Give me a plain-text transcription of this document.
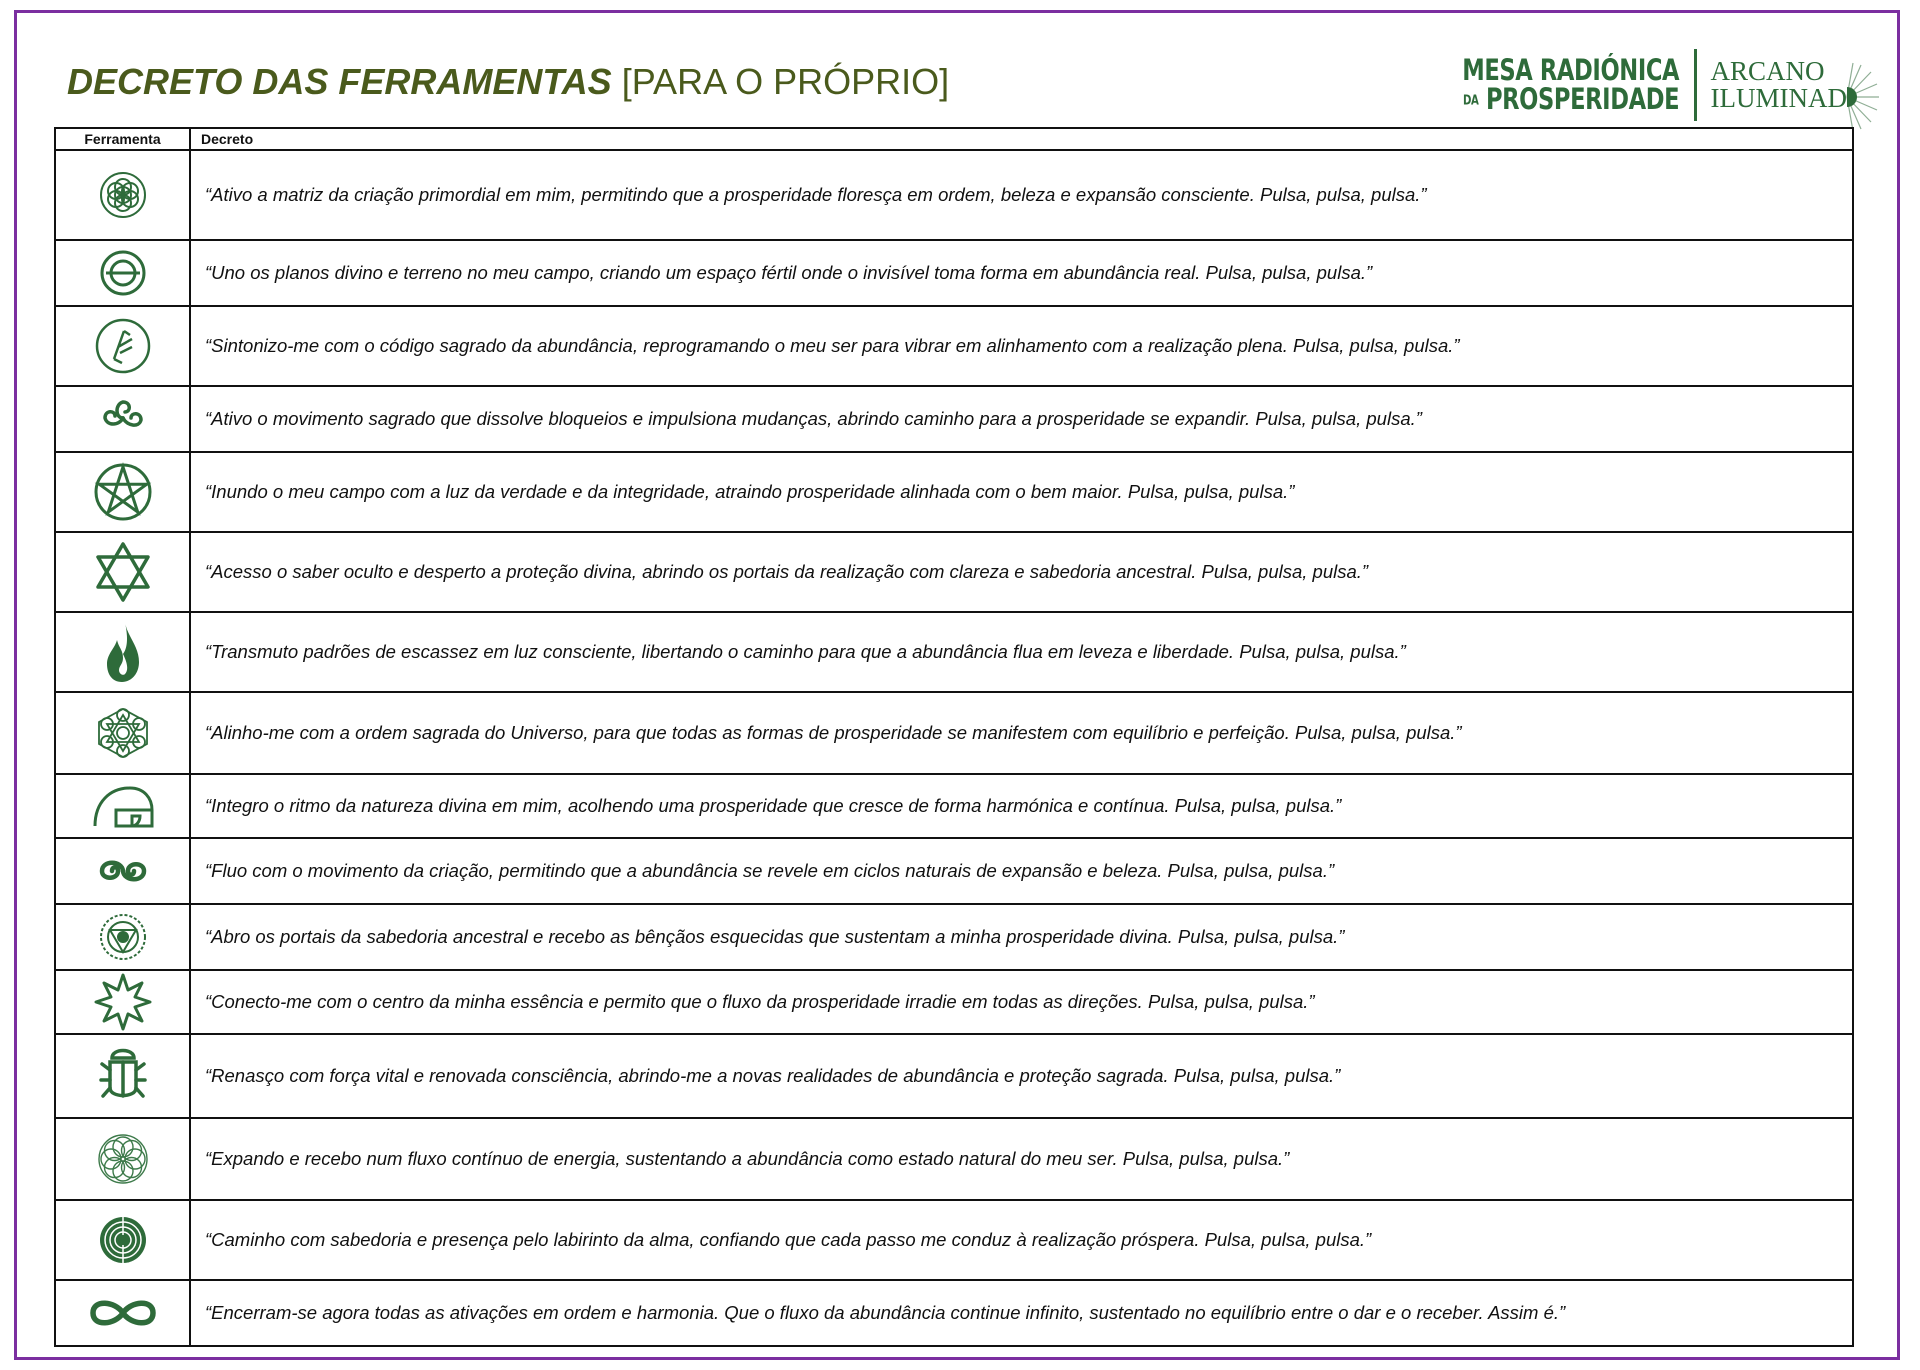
DECRETO DAS FERRAMENTAS [PARA O PRÓPRIO]	MESA RADIÓNICA
DA PROSPERIDADE
ARCANO
ILUMINAD
Ferramenta	Decreto

	“Ativo a matriz da criação primordial em mim, permitindo que a prosperidade floresça em ordem, beleza e expansão consciente. Pulsa, pulsa, pulsa.”

	“Uno os planos divino e terreno no meu campo, criando um espaço fértil onde o invisível toma forma em abundância real. Pulsa, pulsa, pulsa.”

	“Sintonizo-me com o código sagrado da abundância, reprogramando o meu ser para vibrar em alinhamento com a realização plena. Pulsa, pulsa, pulsa.”

	“Ativo o movimento sagrado que dissolve bloqueios e impulsiona mudanças, abrindo caminho para a prosperidade se expandir. Pulsa, pulsa, pulsa.”

	“Inundo o meu campo com a luz da verdade e da integridade, atraindo prosperidade alinhada com o bem maior. Pulsa, pulsa, pulsa.”

	“Acesso o saber oculto e desperto a proteção divina, abrindo os portais da realização com clareza e sabedoria ancestral. Pulsa, pulsa, pulsa.”

	“Transmuto padrões de escassez em luz consciente, libertando o caminho para que a abundância flua em leveza e liberdade. Pulsa, pulsa, pulsa.”

	“Alinho-me com a ordem sagrada do Universo, para que todas as formas de prosperidade se manifestem com equilíbrio e perfeição. Pulsa, pulsa, pulsa.”

	“Integro o ritmo da natureza divina em mim, acolhendo uma prosperidade que cresce de forma harmónica e contínua. Pulsa, pulsa, pulsa.”

	“Fluo com o movimento da criação, permitindo que a abundância se revele em ciclos naturais de expansão e beleza. Pulsa, pulsa, pulsa.”

	“Abro os portais da sabedoria ancestral e recebo as bênçãos esquecidas que sustentam a minha prosperidade divina. Pulsa, pulsa, pulsa.”

	“Conecto-me com o centro da minha essência e permito que o fluxo da prosperidade irradie em todas as direções. Pulsa, pulsa, pulsa.”

	“Renasço com força vital e renovada consciência, abrindo-me a novas realidades de abundância e proteção sagrada. Pulsa, pulsa, pulsa.”

	“Expando e recebo num fluxo contínuo de energia, sustentando a abundância como estado natural do meu ser. Pulsa, pulsa, pulsa.”

	“Caminho com sabedoria e presença pelo labirinto da alma, confiando que cada passo me conduz à realização próspera. Pulsa, pulsa, pulsa.”

	“Encerram-se agora todas as ativações em ordem e harmonia. Que o fluxo da abundância continue infinito, sustentado no equilíbrio entre o dar e o receber. Assim é.”
